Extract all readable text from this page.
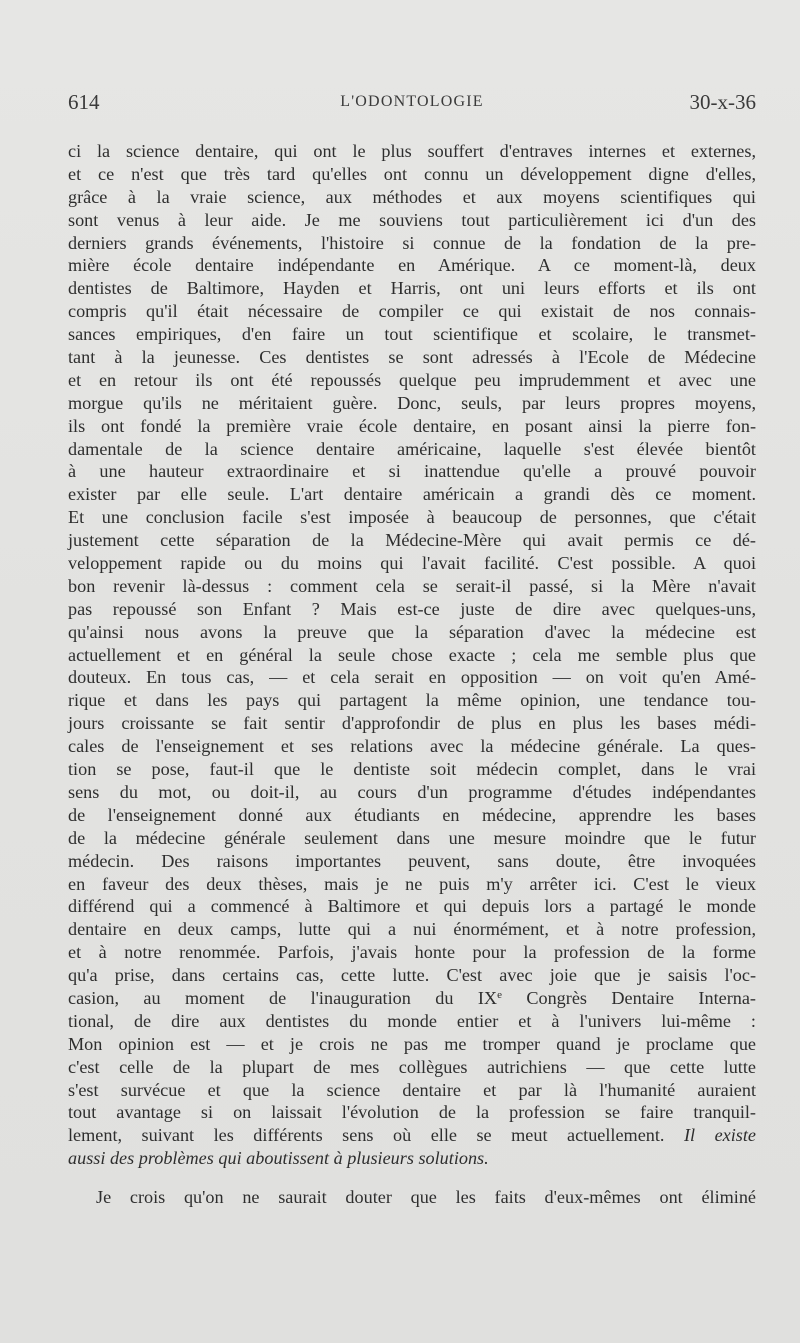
614	L'ODONTOLOGIE	30-x-36
ci la science dentaire, qui ont le plus souffert d'entraves internes et externes,
et ce n'est que très tard qu'elles ont connu un développement digne d'elles,
grâce à la vraie science, aux méthodes et aux moyens scientifiques qui
sont venus à leur aide. Je me souviens tout particulièrement ici d'un des
derniers grands événements, l'histoire si connue de la fondation de la pre-
mière école dentaire indépendante en Amérique. A ce moment-là, deux
dentistes de Baltimore, Hayden et Harris, ont uni leurs efforts et ils ont
compris qu'il était nécessaire de compiler ce qui existait de nos connais-
sances empiriques, d'en faire un tout scientifique et scolaire, le transmet-
tant à la jeunesse. Ces dentistes se sont adressés à l'Ecole de Médecine
et en retour ils ont été repoussés quelque peu imprudemment et avec une
morgue qu'ils ne méritaient guère. Donc, seuls, par leurs propres moyens,
ils ont fondé la première vraie école dentaire, en posant ainsi la pierre fon-
damentale de la science dentaire américaine, laquelle s'est élevée bientôt
à une hauteur extraordinaire et si inattendue qu'elle a prouvé pouvoir
exister par elle seule. L'art dentaire américain a grandi dès ce moment.
Et une conclusion facile s'est imposée à beaucoup de personnes, que c'était
justement cette séparation de la Médecine-Mère qui avait permis ce dé-
veloppement rapide ou du moins qui l'avait facilité. C'est possible. A quoi
bon revenir là-dessus : comment cela se serait-il passé, si la Mère n'avait
pas repoussé son Enfant ? Mais est-ce juste de dire avec quelques-uns,
qu'ainsi nous avons la preuve que la séparation d'avec la médecine est
actuellement et en général la seule chose exacte ; cela me semble plus que
douteux. En tous cas, — et cela serait en opposition — on voit qu'en Amé-
rique et dans les pays qui partagent la même opinion, une tendance tou-
jours croissante se fait sentir d'approfondir de plus en plus les bases médi-
cales de l'enseignement et ses relations avec la médecine générale. La ques-
tion se pose, faut-il que le dentiste soit médecin complet, dans le vrai
sens du mot, ou doit-il, au cours d'un programme d'études indépendantes
de l'enseignement donné aux étudiants en médecine, apprendre les bases
de la médecine générale seulement dans une mesure moindre que le futur
médecin. Des raisons importantes peuvent, sans doute, être invoquées
en faveur des deux thèses, mais je ne puis m'y arrêter ici. C'est le vieux
différend qui a commencé à Baltimore et qui depuis lors a partagé le monde
dentaire en deux camps, lutte qui a nui énormément, et à notre profession,
et à notre renommée. Parfois, j'avais honte pour la profession de la forme
qu'a prise, dans certains cas, cette lutte. C'est avec joie que je saisis l'oc-
casion, au moment de l'inauguration du IXe Congrès Dentaire Interna-
tional, de dire aux dentistes du monde entier et à l'univers lui-même :
Mon opinion est — et je crois ne pas me tromper quand je proclame que
c'est celle de la plupart de mes collègues autrichiens — que cette lutte
s'est survécue et que la science dentaire et par là l'humanité auraient
tout avantage si on laissait l'évolution de la profession se faire tranquil-
lement, suivant les différents sens où elle se meut actuellement. Il existe
aussi des problèmes qui aboutissent à plusieurs solutions.
Je crois qu'on ne saurait douter que les faits d'eux-mêmes ont éliminé
